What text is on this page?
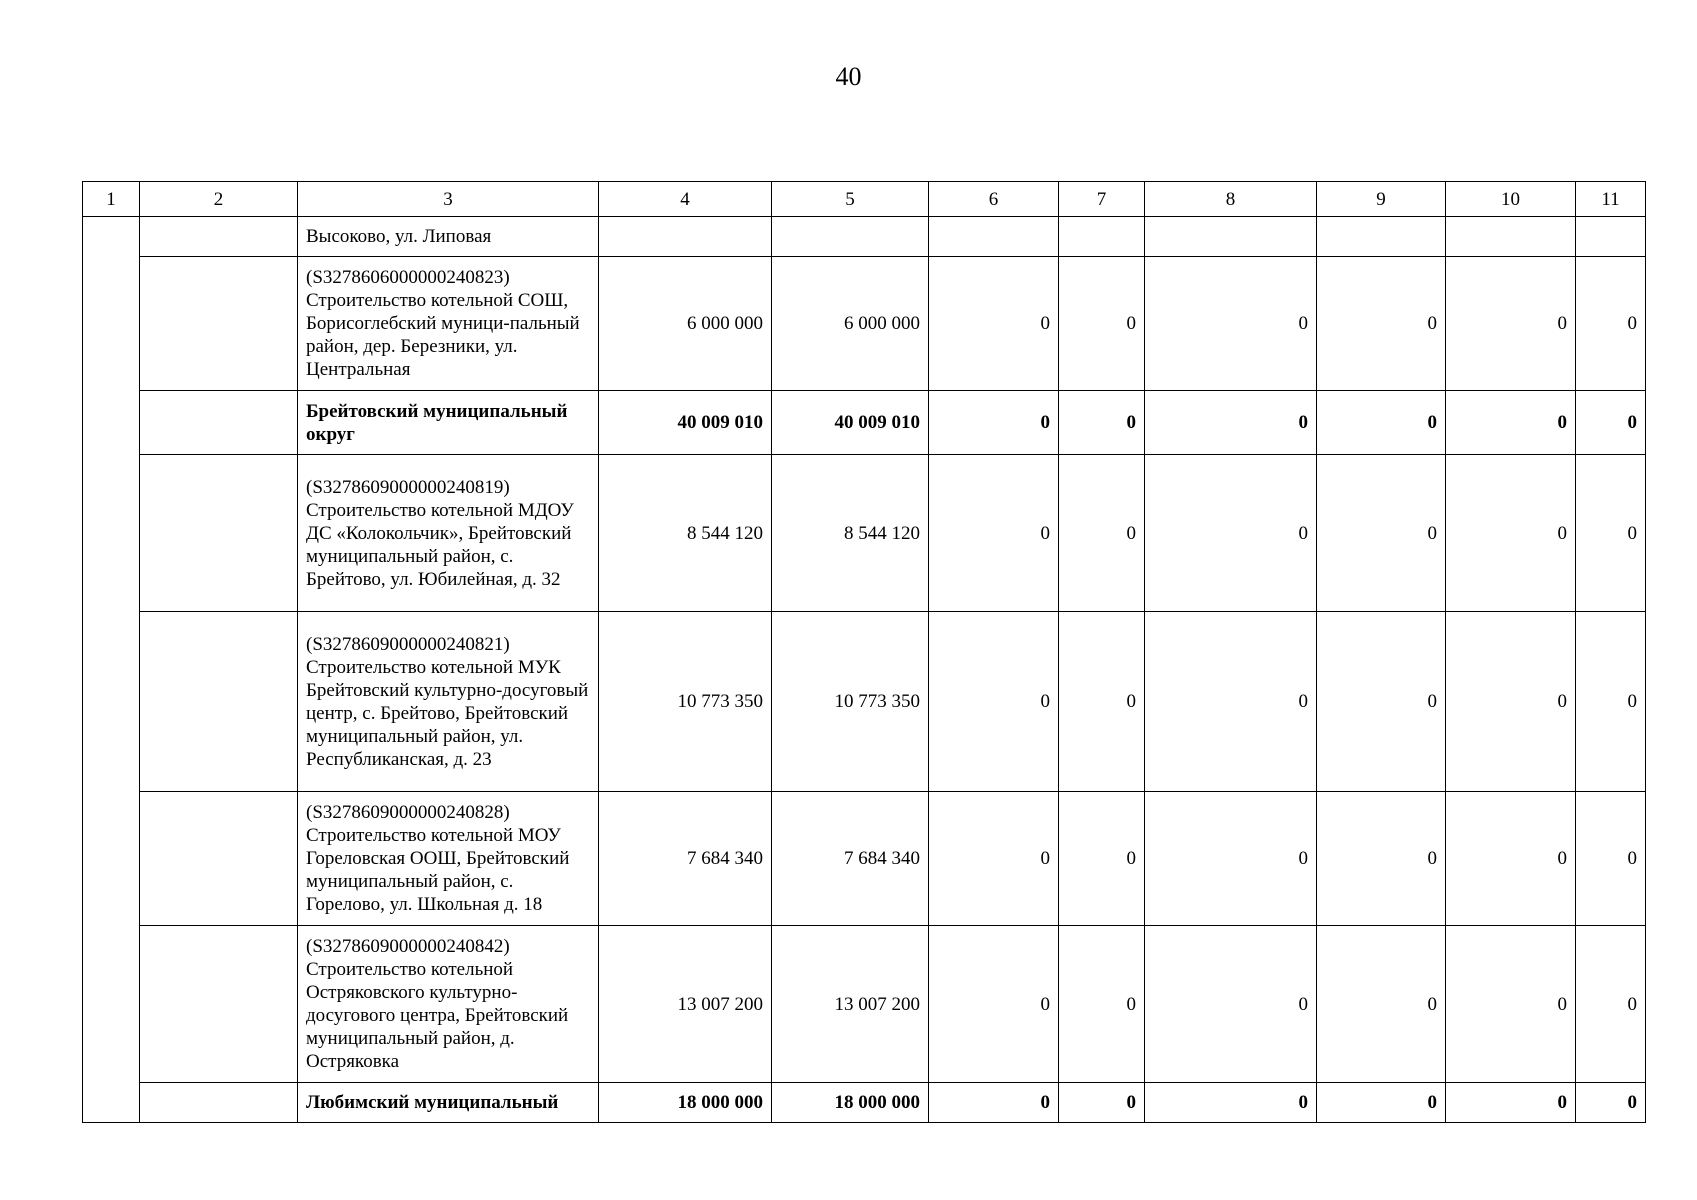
40
1	2	3	4	5	6	7	8	9	10	11
		Высоково, ул. Липовая								
		(S3278606000000240823) Строительство котельной СОШ, Борисоглебский муници-пальный район, дер. Березники, ул. Центральная	6 000 000	6 000 000	0	0	0	0	0	0
		Брейтовский муниципальный округ	40 009 010	40 009 010	0	0	0	0	0	0
		(S3278609000000240819) Строительство котельной МДОУ ДС «Колокольчик», Брейтовский муниципальный район, с. Брейтово, ул. Юбилейная, д. 32	8 544 120	8 544 120	0	0	0	0	0	0
		(S3278609000000240821) Строительство котельной МУК Брейтовский культурно-досуговый центр, с. Брейтово, Брейтовский муниципальный район, ул. Республиканская, д. 23	10 773 350	10 773 350	0	0	0	0	0	0
		(S3278609000000240828) Строительство котельной МОУ Гореловская ООШ, Брейтовский муниципальный район, с. Горелово, ул. Школьная д. 18	7 684 340	7 684 340	0	0	0	0	0	0
		(S3278609000000240842) Строительство котельной Остряковского культурно-досугового центра, Брейтовский муниципальный район, д. Остряковка	13 007 200	13 007 200	0	0	0	0	0	0
		Любимский муниципальный	18 000 000	18 000 000	0	0	0	0	0	0
